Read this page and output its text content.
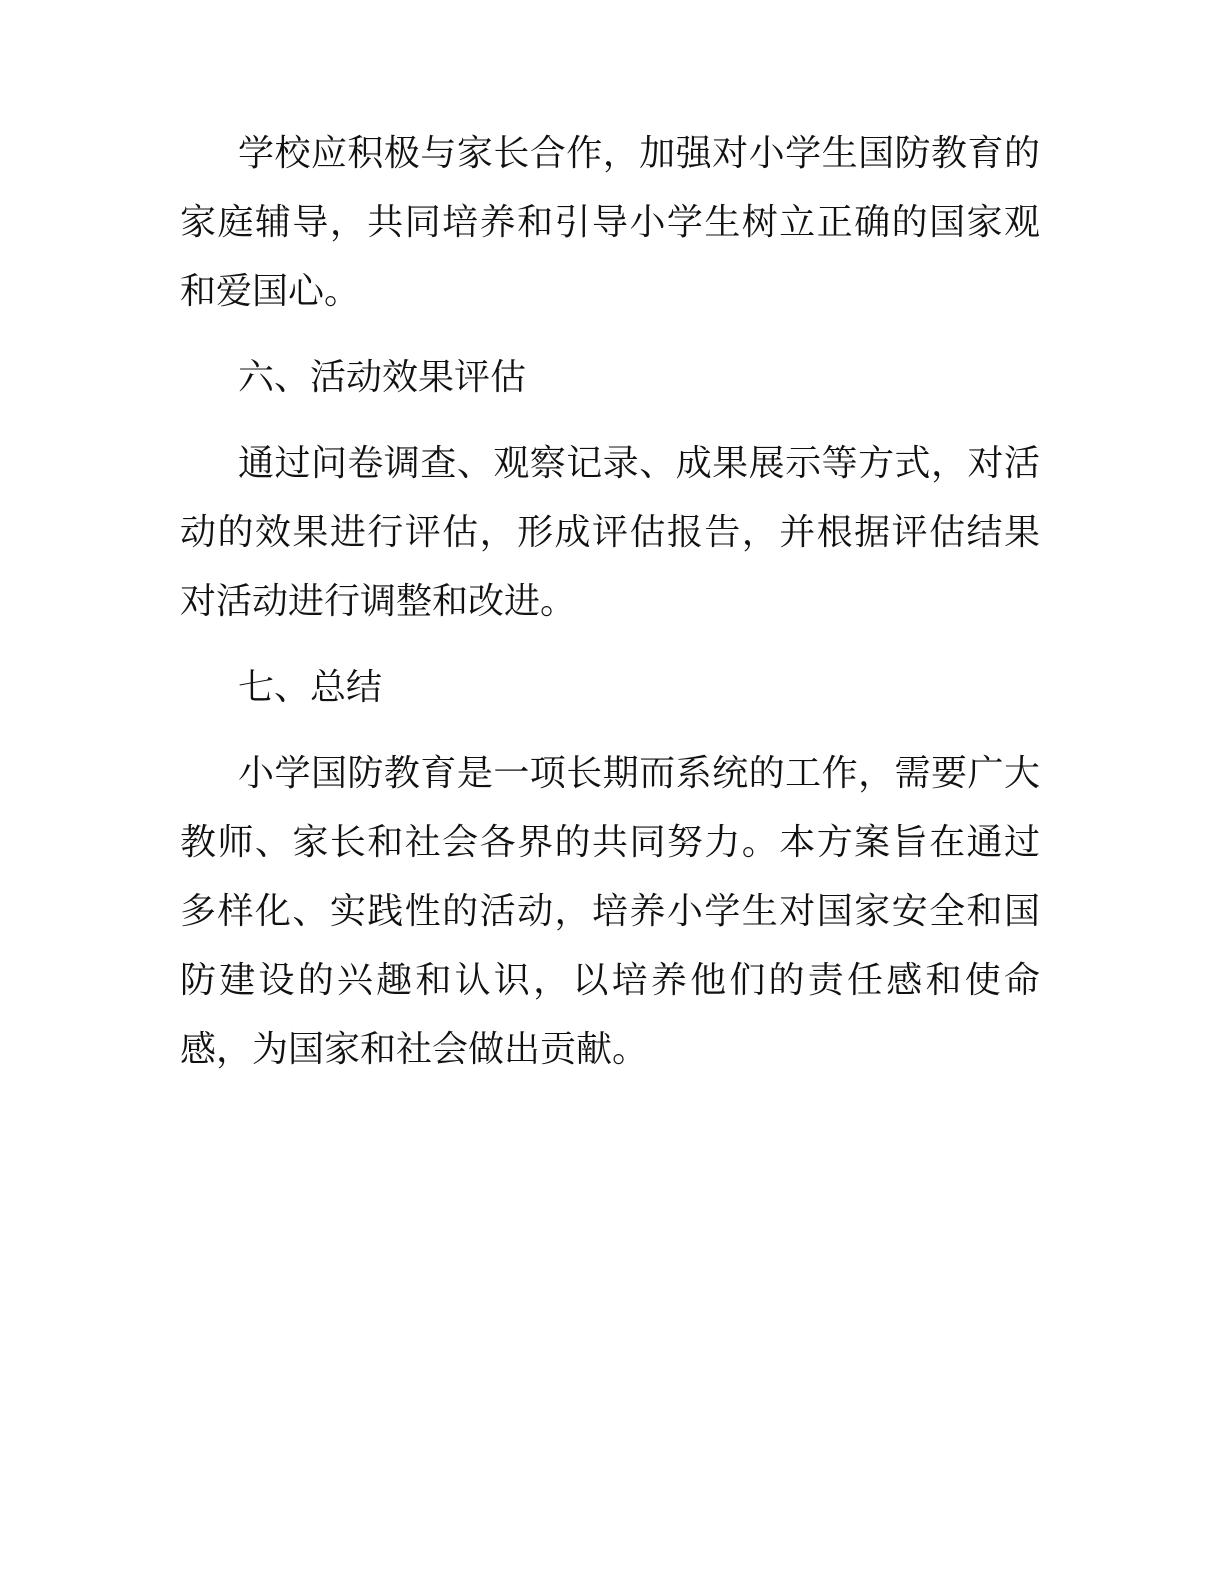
学校应积极与家长合作，加强对小学生国防教育的家庭辅导，共同培养和引导小学生树立正确的国家观和爱国心。

六、活动效果评估

通过问卷调查、观察记录、成果展示等方式，对活动的效果进行评估，形成评估报告，并根据评估结果对活动进行调整和改进。

七、总结

小学国防教育是一项长期而系统的工作，需要广大教师、家长和社会各界的共同努力。本方案旨在通过多样化、实践性的活动，培养小学生对国家安全和国防建设的兴趣和认识，以培养他们的责任感和使命感，为国家和社会做出贡献。
